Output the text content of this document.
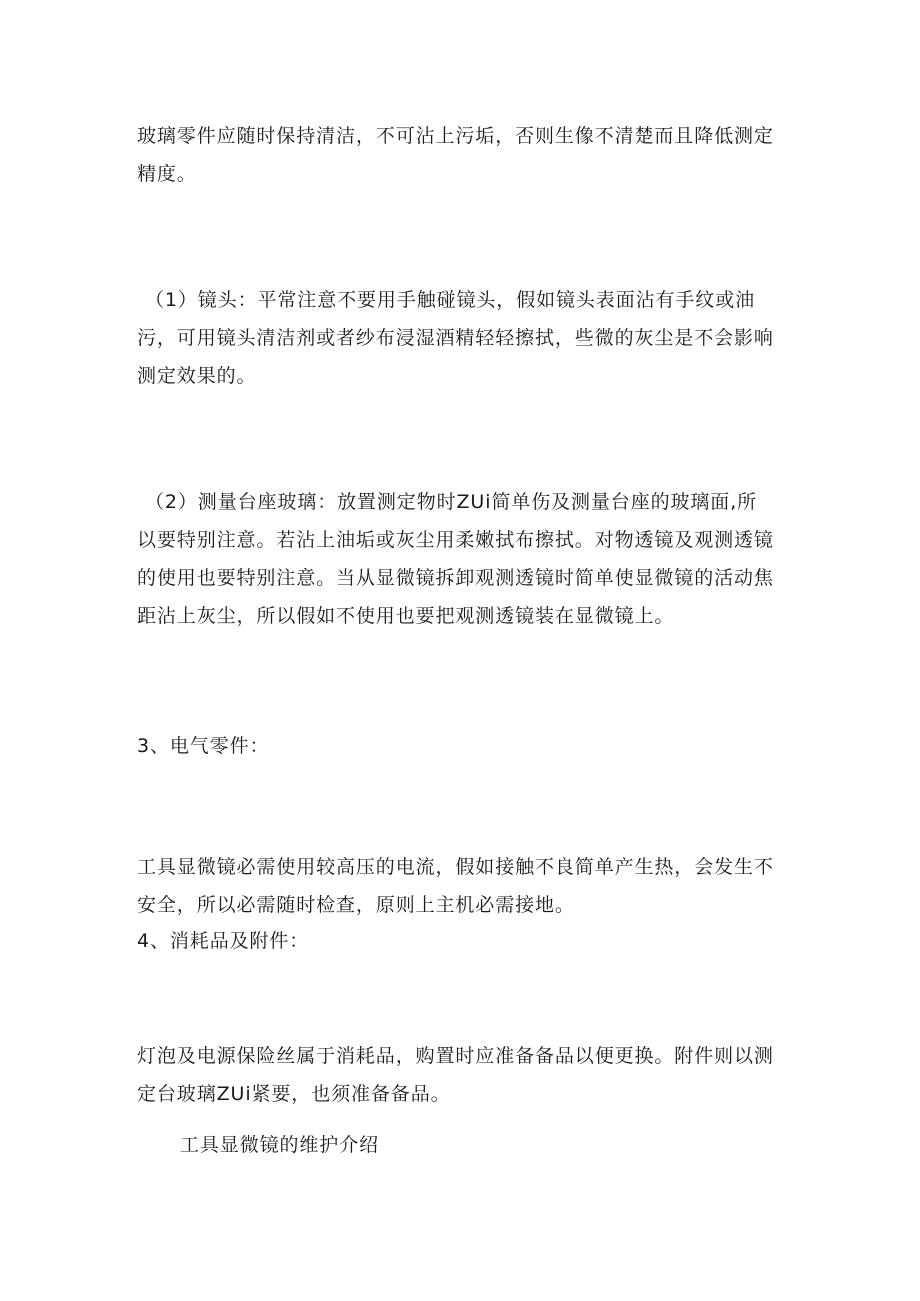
玻璃零件应随时保持清洁，不可沾上污垢，否则生像不清楚而且降低测定
精度。
（1）镜头：平常注意不要用手触碰镜头，假如镜头表面沾有手纹或油
污，可用镜头清洁剂或者纱布浸湿酒精轻轻擦拭，些微的灰尘是不会影响
测定效果的。
（2）测量台座玻璃：放置测定物时ZUi简单伤及测量台座的玻璃面,所
以要特别注意。若沾上油垢或灰尘用柔嫩拭布擦拭。对物透镜及观测透镜
的使用也要特别注意。当从显微镜拆卸观测透镜时简单使显微镜的活动焦
距沾上灰尘，所以假如不使用也要把观测透镜装在显微镜上。
3、电气零件：
工具显微镜必需使用较高压的电流，假如接触不良简单产生热，会发生不
安全，所以必需随时检查，原则上主机必需接地。
4、消耗品及附件：
灯泡及电源保险丝属于消耗品，购置时应准备备品以便更换。附件则以测
定台玻璃ZUi紧要，也须准备备品。
工具显微镜的维护介绍
